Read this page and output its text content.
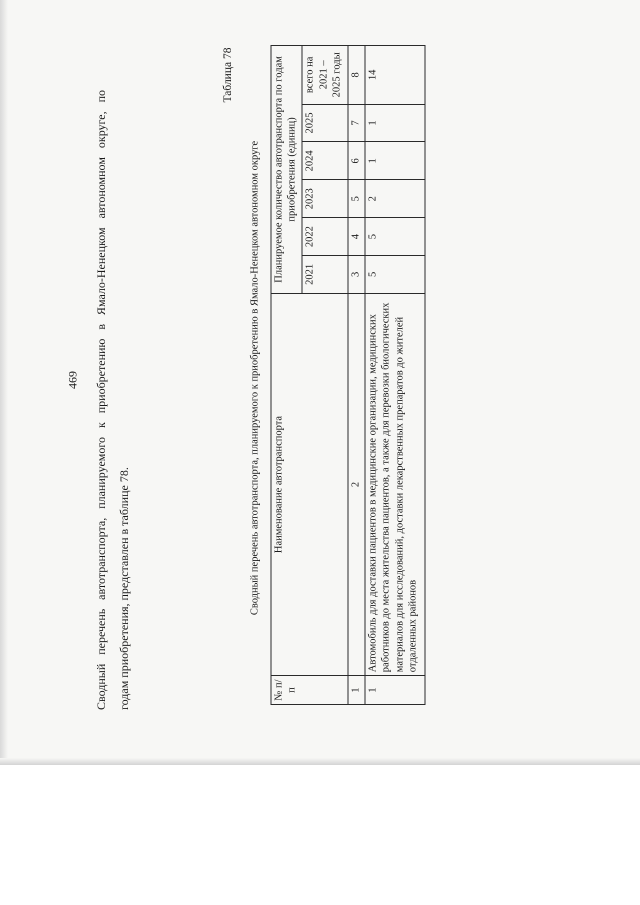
469	Сводный перечень автотранспорта, планируемого к приобретению в Ямало-Ненецком автономном округе, по годам приобретения, представлен в таблице 78.
Таблица 78
Сводный перечень автотранспорта, планируемого к приобретению в Ямало-Ненецком автономном округе
№ п/п	Наименование автотранспорта	Планируемое количество автотранспорта по годам приобретения (единиц)					
		2021	2022	2023	2024	2025	всего на 2021 – 2025 годы
1	2	3	4	5	6	7	8
1	Автомобиль для доставки пациентов в медицинские организации, медицинских работников до места жительства пациентов, а также для перевозки биологических материалов для исследований, доставки лекарственных препаратов до жителей отдаленных районов	5	5	2	1	1	14
